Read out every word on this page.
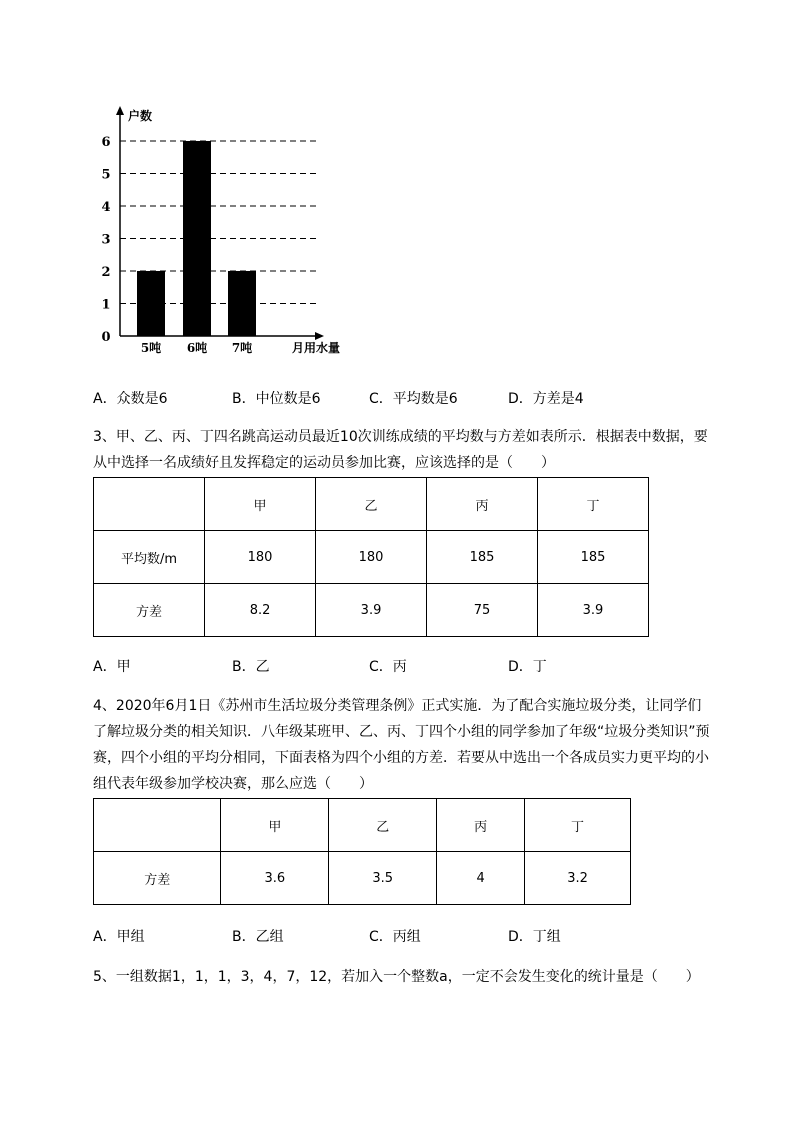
0
1
2
3
4
5
6
5吨 6吨 7吨
户数
月用水量
A．众数是6	B．中位数是6	C．平均数是6	D．方差是4
3、甲、乙、丙、丁四名跳高运动员最近10次训练成绩的平均数与方差如表所示．根据表中数据，要从中选择一名成绩好且发挥稳定的运动员参加比赛，应该选择的是（　　）
	甲	乙	丙	丁
平均数/m	180	180	185	185
方差	8.2	3.9	75	3.9
A．甲	B．乙	C．丙	D．丁
4、2020年6月1日《苏州市生活垃圾分类管理条例》正式实施．为了配合实施垃圾分类，让同学们了解垃圾分类的相关知识．八年级某班甲、乙、丙、丁四个小组的同学参加了年级“垃圾分类知识”预赛，四个小组的平均分相同，下面表格为四个小组的方差．若要从中选出一个各成员实力更平均的小组代表年级参加学校决赛，那么应选（　　）
	甲	乙	丙	丁
方差	3.6	3.5	4	3.2
A．甲组	B．乙组	C．丙组	D．丁组
5、一组数据1，1，1，3，4，7，12，若加入一个整数a，一定不会发生变化的统计量是（　　）
